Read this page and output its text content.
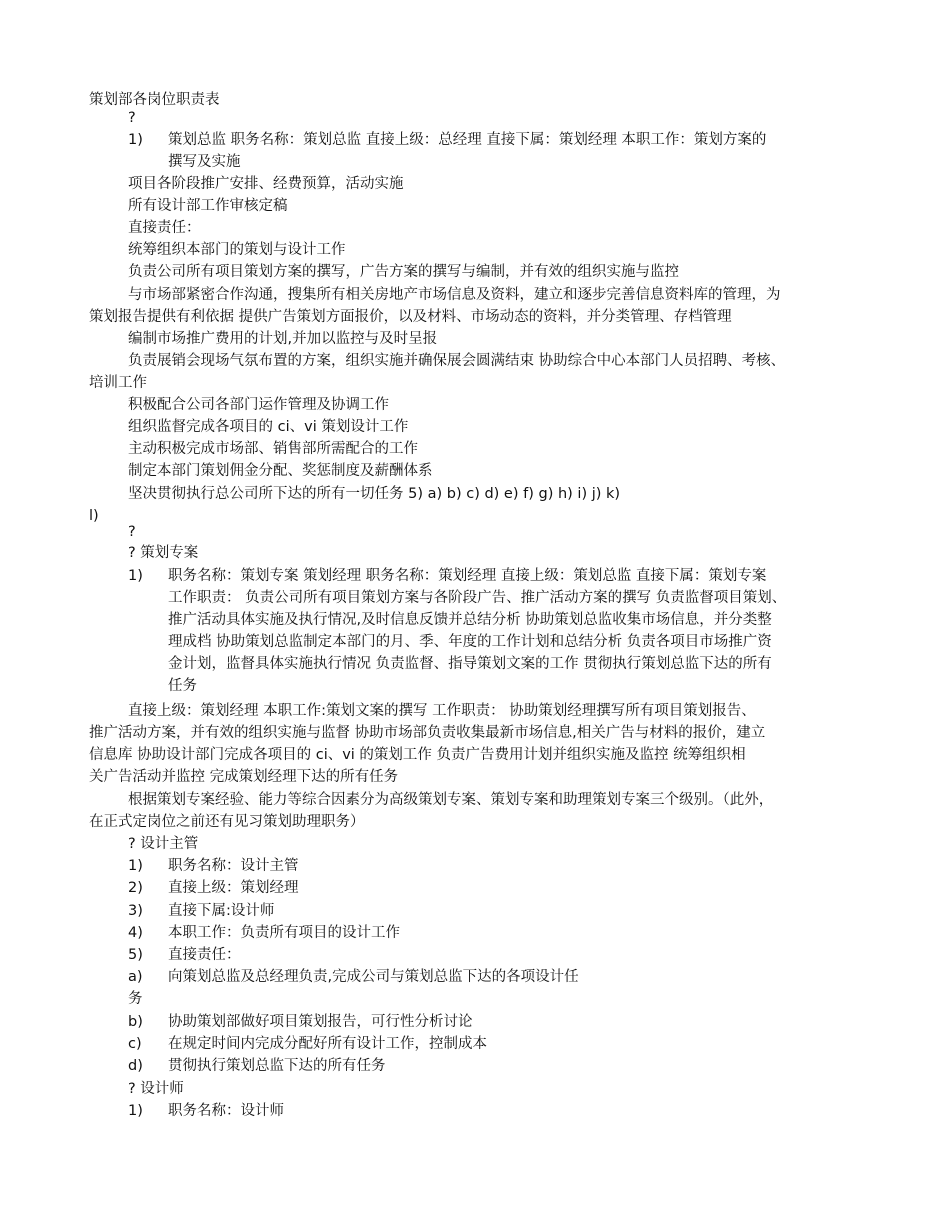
策划部各岗位职责表
?
1)	策划总监 职务名称：策划总监 直接上级：总经理 直接下属：策划经理 本职工作：策划方案的
撰写及实施
项目各阶段推广安排、经费预算，活动实施
所有设计部工作审核定稿
直接责任：
统筹组织本部门的策划与设计工作
负责公司所有项目策划方案的撰写，广告方案的撰写与编制，并有效的组织实施与监控
与市场部紧密合作沟通，搜集所有相关房地产市场信息及资料，建立和逐步完善信息资料库的管理，为
策划报告提供有利依据 提供广告策划方面报价，以及材料、市场动态的资料，并分类管理、存档管理
编制市场推广费用的计划,并加以监控与及时呈报
负责展销会现场气氛布置的方案，组织实施并确保展会圆满结束 协助综合中心本部门人员招聘、考核、
培训工作
积极配合公司各部门运作管理及协调工作
组织监督完成各项目的 ci、vi 策划设计工作
主动积极完成市场部、销售部所需配合的工作
制定本部门策划佣金分配、奖惩制度及薪酬体系
坚决贯彻执行总公司所下达的所有一切任务 5) a) b) c) d) e) f) g) h) i) j) k)
l)
?
? 策划专案
1)	职务名称：策划专案 策划经理 职务名称：策划经理 直接上级：策划总监 直接下属：策划专案
工作职责： 负责公司所有项目策划方案与各阶段广告、推广活动方案的撰写 负责监督项目策划、
推广活动具体实施及执行情况,及时信息反馈并总结分析 协助策划总监收集市场信息，并分类整
理成档 协助策划总监制定本部门的月、季、年度的工作计划和总结分析 负责各项目市场推广资
金计划，监督具体实施执行情况 负责监督、指导策划文案的工作 贯彻执行策划总监下达的所有
任务
直接上级：策划经理 本职工作:策划文案的撰写 工作职责： 协助策划经理撰写所有项目策划报告、
推广活动方案，并有效的组织实施与监督 协助市场部负责收集最新市场信息,相关广告与材料的报价，建立
信息库 协助设计部门完成各项目的 ci、vi 的策划工作 负责广告费用计划并组织实施及监控 统筹组织相
关广告活动并监控 完成策划经理下达的所有任务
根据策划专案经验、能力等综合因素分为高级策划专案、策划专案和助理策划专案三个级别。（此外，
在正式定岗位之前还有见习策划助理职务）
? 设计主管
1)	职务名称：设计主管
2)	直接上级：策划经理
3)	直接下属:设计师
4)	本职工作：负责所有项目的设计工作
5)	直接责任：
a)	向策划总监及总经理负责,完成公司与策划总监下达的各项设计任
务
b)	协助策划部做好项目策划报告，可行性分析讨论
c)	在规定时间内完成分配好所有设计工作，控制成本
d)	贯彻执行策划总监下达的所有任务
? 设计师
1)	职务名称：设计师
